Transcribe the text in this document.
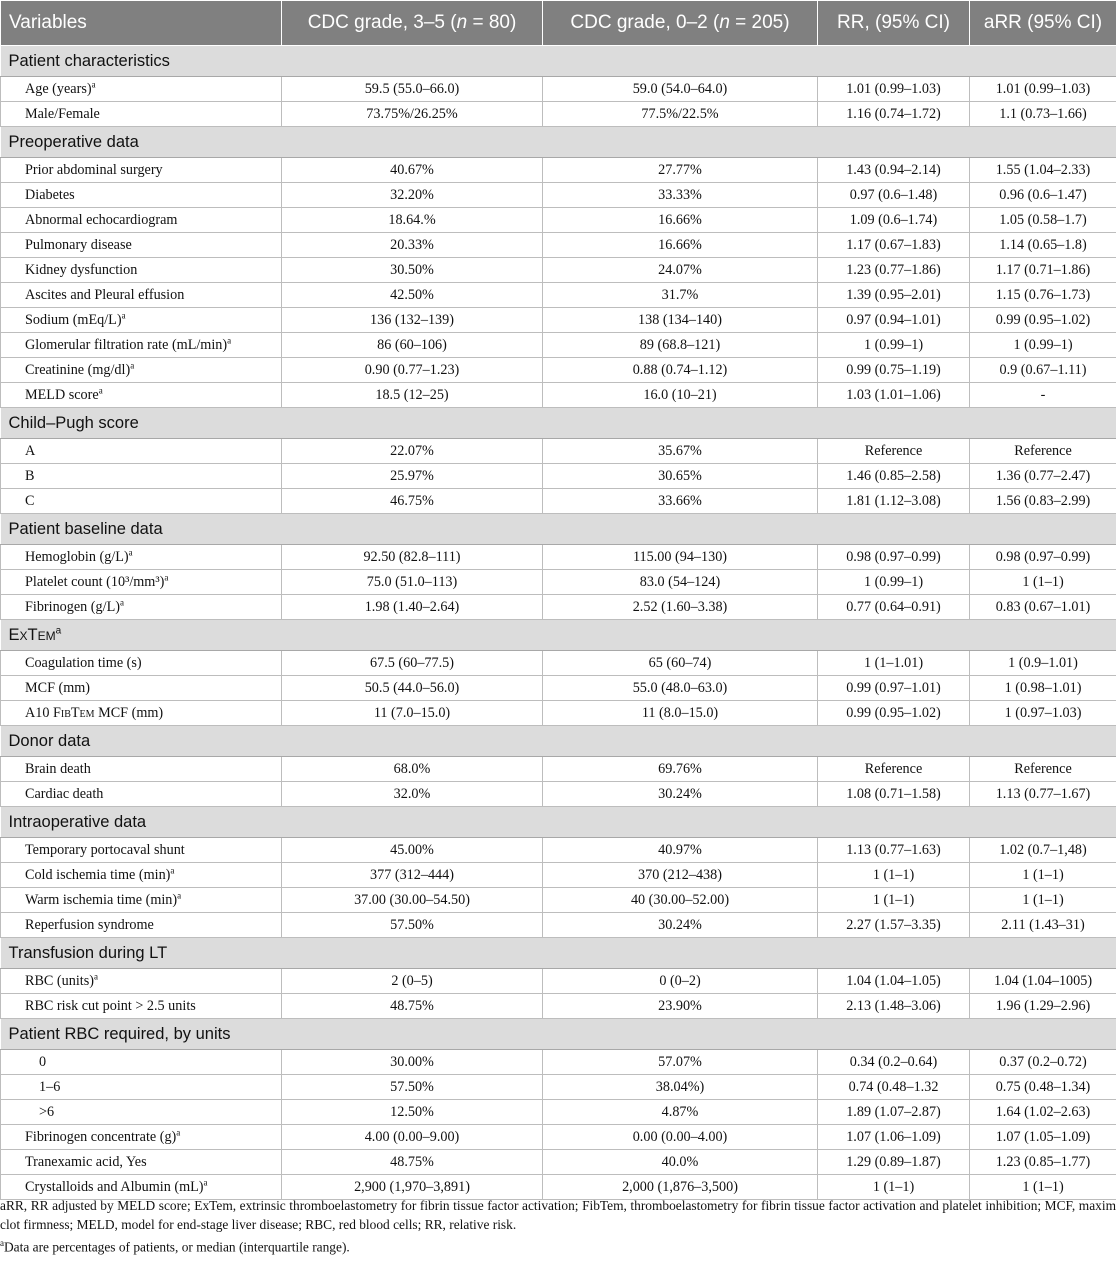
Variables	CDC grade, 3–5 (n = 80)	CDC grade, 0–2 (n = 205)	RR, (95% CI)	aRR (95% CI)
Patient characteristics				
Age (years)$^a$	59.5 (55.0–66.0)	59.0 (54.0–64.0)	1.01 (0.99–1.03)	1.01 (0.99–1.03)
Male/Female	73.75%/26.25%	77.5%/22.5%	1.16 (0.74–1.72)	1.1 (0.73–1.66)
Preoperative data				
Prior abdominal surgery	40.67%	27.77%	1.43 (0.94–2.14)	1.55 (1.04–2.33)
Diabetes	32.20%	33.33%	0.97 (0.6–1.48)	0.96 (0.6–1.47)
Abnormal echocardiogram	18.64.%	16.66%	1.09 (0.6–1.74)	1.05 (0.58–1.7)
Pulmonary disease	20.33%	16.66%	1.17 (0.67–1.83)	1.14 (0.65–1.8)
Kidney dysfunction	30.50%	24.07%	1.23 (0.77–1.86)	1.17 (0.71–1.86)
Ascites and Pleural effusion	42.50%	31.7%	1.39 (0.95–2.01)	1.15 (0.76–1.73)
Sodium $(mEq/L)^a$	136 (132–139)	138 (134–140)	0.97 (0.94–1.01)	0.99 (0.95–1.02)
Glomerular filtration rate $(mL/\min)^a$	86 (60–106)	89 (68.8–121)	1 (0.99–1)	1 (0.99–1)
Creatinine $(mg/dl)^a$	0.90 (0.77–1.23)	0.88 (0.74–1.12)	0.99 (0.75–1.19)	0.9 (0.67–1.11)
MELD score$^a$	18.5 (12–25)	16.0 (10–21)	1.03 (1.01–1.06)	-
Child–Pugh score				
A	22.07%	35.67%	Reference	Reference
B	25.97%	30.65%	1.46 (0.85–2.58)	1.36 (0.77–2.47)
C	46.75%	33.66%	1.81 (1.12–3.08)	1.56 (0.83–2.99)
Patient baseline data				
Hemoglobin $(g/L)^a$	92.50 (82.8–111)	115.00 (94–130)	0.98 (0.97–0.99)	0.98 (0.97–0.99)
Platelet count $(10^3/mm^3)^a$	75.0 (51.0–113)	83.0 (54–124)	1 (0.99–1)	1 (1–1)
Fibrinogen $(g/L)^a$	1.98 (1.40–2.64)	2.52 (1.60–3.38)	0.77 (0.64–0.91)	0.83 (0.67–1.01)
ExTem$^a$
Coagulation time (s)	67.5 (60–77.5)	65 (60–74)	1 (1–1.01)	1 (0.9–1.01)
MCF (mm)	50.5 (44.0–56.0)	55.0 (48.0–63.0)	0.99 (0.97–1.01)	1 (0.98–1.01)
A10 FibTem MCF (mm)	11 (7.0–15.0)	11 (8.0–15.0)	0.99 (0.95–1.02)	1 (0.97–1.03)
Donor data				
Brain death	68.0%	69.76%	Reference	Reference
Cardiac death	32.0%	30.24%	1.08 (0.71–1.58)	1.13 (0.77–1.67)
Intraoperative data				
Temporary portocaval shunt	45.00%	40.97%	1.13 (0.77–1.63)	1.02 (0.7–1,48)
Cold ischemia time $(\min)^a$	377 (312–444)	370 (212–438)	1 (1–1)	1 (1–1)
Warm ischemia time $(\min)^a$	37.00 (30.00–54.50)	40 (30.00–52.00)	1 (1–1)	1 (1–1)
Reperfusion syndrome	57.50%	30.24%	2.27 (1.57–3.35)	2.11 (1.43–31)
Transfusion during LT				
RBC (units)$^a$	2 (0–5)	0 (0–2)	1.04 (1.04–1.05)	1.04 (1.04–1005)
RBC risk cut point > 2.5 units	48.75%	23.90%	2.13 (1.48–3.06)	1.96 (1.29–2.96)
Patient RBC required, by units				
0	30.00%	57.07%	0.34 (0.2–0.64)	0.37 (0.2–0.72)
1–6	57.50%	38.04%)	0.74 (0.48–1.32	0.75 (0.48–1.34)
>6	12.50%	4.87%	1.89 (1.07–2.87)	1.64 (1.02–2.63)
Fibrinogen concentrate $(g)^a$	4.00 (0.00–9.00)	0.00 (0.00–4.00)	1.07 (1.06–1.09)	1.07 (1.05–1.09)
Tranexamic acid, Yes	48.75%	40.0%	1.29 (0.89–1.87)	1.23 (0.85–1.77)
Crystalloids and Albumin (mL)$^a$	2,900 (1,970–3,891)	2,000 (1,876–3,500)	1 (1–1)	1 (1–1)

aRR, RR adjusted by MELD score; ExTem, extrinsic thromboelastometry for fibrin tissue factor activation; FibTem, thromboelastometry for fibrin tissue factor activation and platelet inhibition; MCF, maxim clot firmness; MELD, model for end-stage liver disease; RBC, red blood cells; RR, relative risk.

$^a$Data are percentages of patients, or median (interquartile range).
